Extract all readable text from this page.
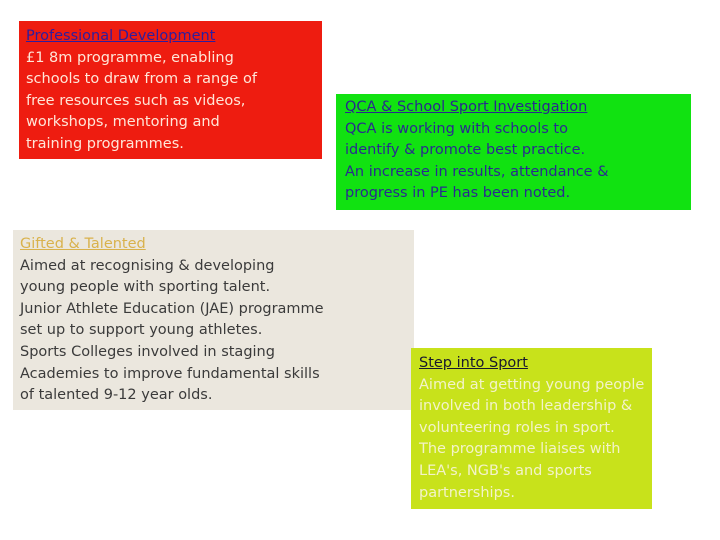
Professional Development
£1 8m programme, enabling
schools to draw from a range of
free resources such as videos,
workshops, mentoring and
training programmes.
QCA & School Sport Investigation
QCA is working with schools to
identify & promote best practice.
An increase in results, attendance &
progress in PE has been noted.
Gifted & Talented
Aimed at recognising & developing
young people with sporting talent.
Junior Athlete Education (JAE) programme
set up to support young athletes.
Sports Colleges involved in staging
Academies to improve fundamental skills
of talented 9-12 year olds.
Step into Sport
Aimed at getting young people
involved in both leadership &
volunteering roles in sport.
The programme liaises with
LEA's, NGB's and sports
partnerships.
